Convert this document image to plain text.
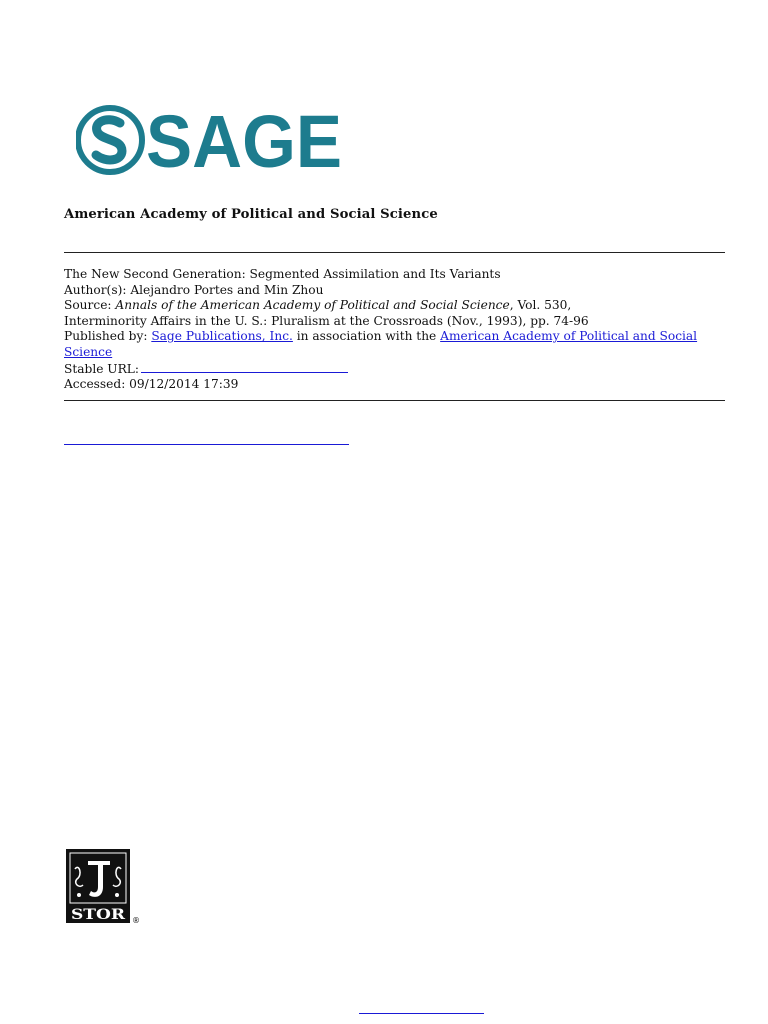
SAGE
American Academy of Political and Social Science
The New Second Generation: Segmented Assimilation and Its Variants
Author(s): Alejandro Portes and Min Zhou
Source: Annals of the American Academy of Political and Social Science, Vol. 530,
Interminority Affairs in the U. S.: Pluralism at the Crossroads (Nov., 1993), pp. 74-96
Published by: Sage Publications, Inc. in association with the American Academy of Political and Social Science
Stable URL:
Accessed: 09/12/2014 17:39
STOR ®
